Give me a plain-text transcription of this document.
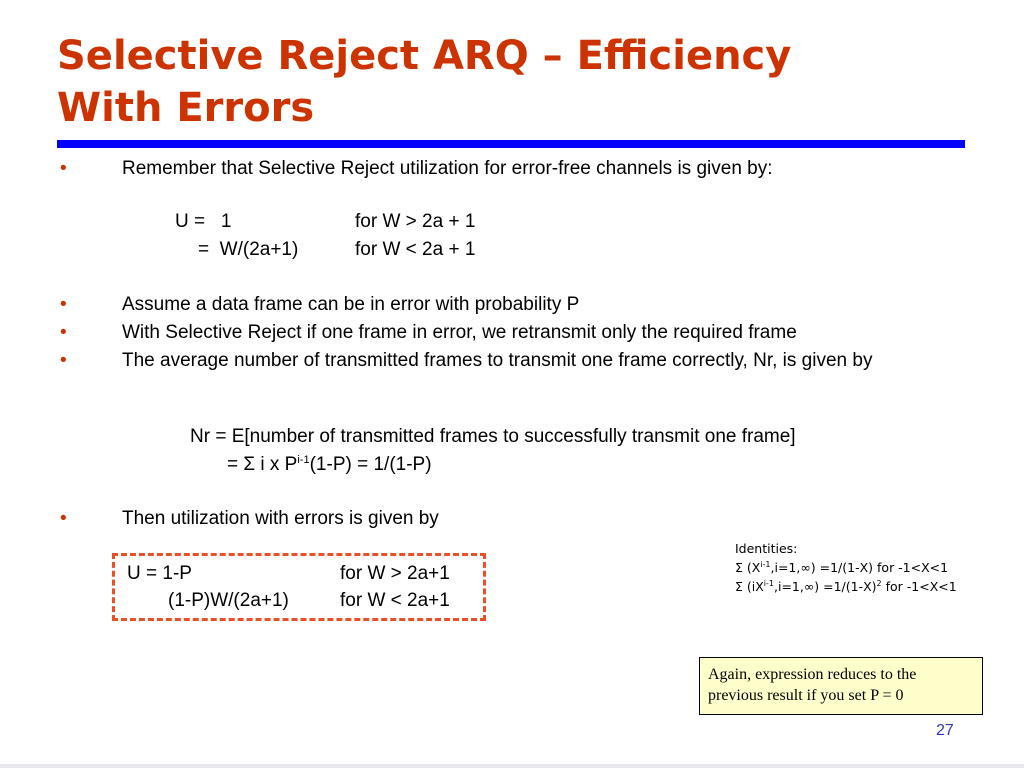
Selective Reject ARQ – Efficiency
With Errors
•	Remember that Selective Reject utilization for error-free channels is given by:
U =   1	for W > 2a + 1
=  W/(2a+1)	for W < 2a + 1
•	Assume a data frame can be in error with probability P
•	With Selective Reject if one frame in error, we retransmit only the required frame
•	The average number of transmitted frames to transmit one frame correctly, Nr, is given by
Nr = E[number of transmitted frames to successfully transmit one frame]
= Σ i x $P^{i-1}(1-P) = 1/(1-P)$
•	Then utilization with errors is given by
Identities:
Σ $(X^{i-1},i=1,\infty) =1/(1-X)$ for -1<X<1
Σ $(iX^{i-1},i=1,\infty) =1/(1-X)^2$ for -1<X<1
U = 1-P	for W > 2a+1
(1-P)W/(2a+1)	for W < 2a+1
Again, expression reduces to the previous result if you set P = 0
27
